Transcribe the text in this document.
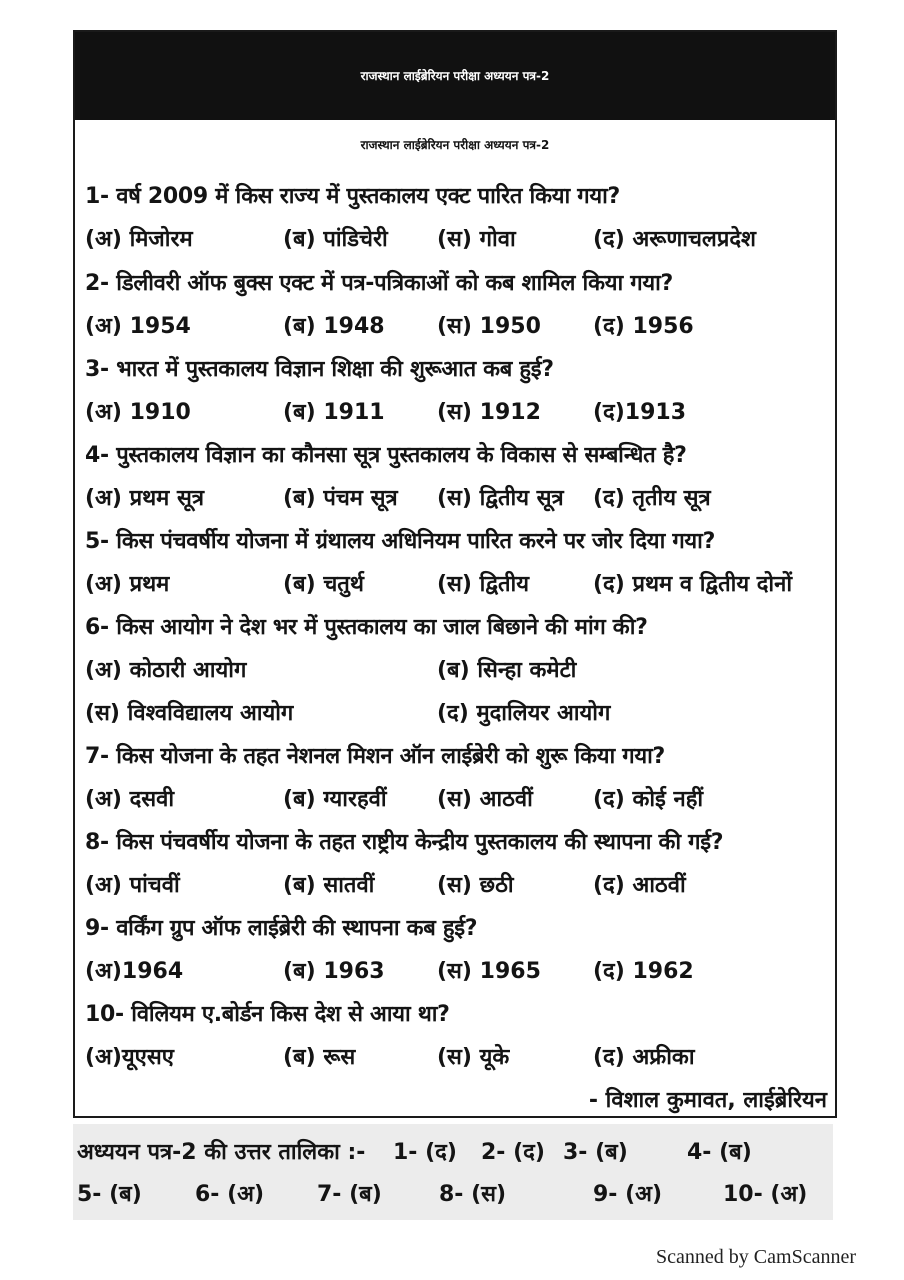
राजस्थान लाईब्रेरियन परीक्षा अध्ययन पत्र-2
राजस्थान लाईब्रेरियन परीक्षा अध्ययन पत्र-2
1- वर्ष 2009 में किस राज्य में पुस्तकालय एक्ट पारित किया गया?
(अ) मिजोरम	(ब) पांडिचेरी (स) गोवा	(द) अरूणाचलप्रदेश
2- डिलीवरी ऑफ बुक्स एक्ट में पत्र-पत्रिकाओं को कब शामिल किया गया?
(अ) 1954	(ब) 1948 (स) 1950 (द) 1956
3- भारत में पुस्तकालय विज्ञान शिक्षा की शुरूआत कब हुई?
(अ) 1910	(ब) 1911 (स) 1912 (द)1913
4- पुस्तकालय विज्ञान का कौनसा सूत्र पुस्तकालय के विकास से सम्बन्धित है?
(अ) प्रथम सूत्र	(ब) पंचम सूत्र (स) द्वितीय सूत्र (द) तृतीय सूत्र
5- किस पंचवर्षीय योजना में ग्रंथालय अधिनियम पारित करने पर जोर दिया गया?
(अ) प्रथम	(ब) चतुर्थ	(स) द्वितीय	(द) प्रथम व द्वितीय दोनों
6- किस आयोग ने देश भर में पुस्तकालय का जाल बिछाने की मांग की?
(अ) कोठारी आयोग	(ब) सिन्हा कमेटी
(स) विश्वविद्यालय आयोग	(द) मुदालियर आयोग
7- किस योजना के तहत नेशनल मिशन ऑन लाईब्रेरी को शुरू किया गया?
(अ) दसवी	(ब) ग्यारहवीं (स) आठवीं	(द) कोई नहीं
8- किस पंचवर्षीय योजना के तहत राष्ट्रीय केन्द्रीय पुस्तकालय की स्थापना की गई?
(अ) पांचवीं	(ब) सातवीं	(स) छठी	(द) आठवीं
9- वर्किंग ग्रुप ऑफ लाईब्रेरी की स्थापना कब हुई?
(अ)1964	(ब) 1963 (स) 1965 (द) 1962
10- विलियम ए.बोर्डन किस देश से आया था?
(अ)यूएसए	(ब) रूस	(स) यूके	(द) अफ्रीका
- विशाल कुमावत, लाईब्रेरियन
अध्ययन पत्र-2 की उत्तर तालिका :- 1- (द) 2- (द) 3- (ब)	4- (ब)
5- (ब) 6- (अ) 7- (ब)	8- (स)	9- (अ)	10- (अ)
Scanned by CamScanner
